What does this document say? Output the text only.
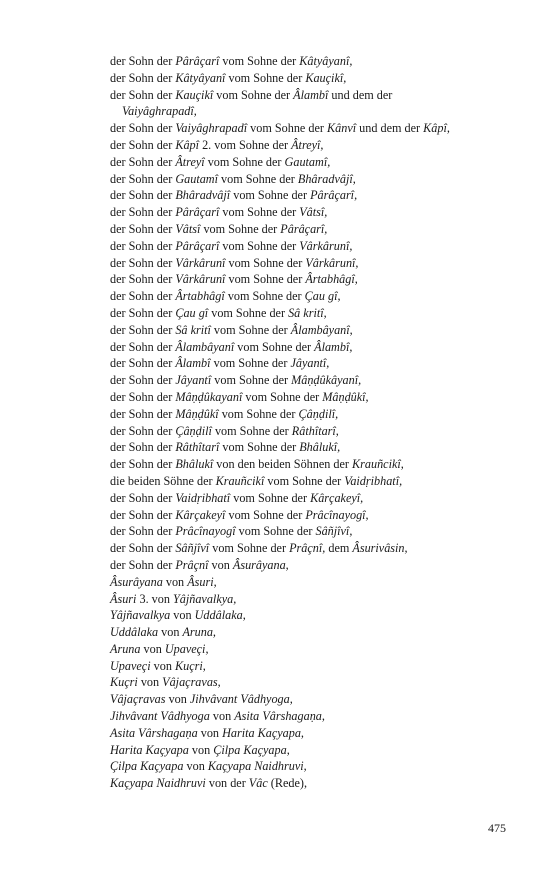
der Sohn der Pârâçarî vom Sohne der Kâtyâyanî,
der Sohn der Kâtyâyanî vom Sohne der Kauçikî,
der Sohn der Kauçikî vom Sohne der Âlambî und dem der
Vaiyâghrapadî,
der Sohn der Vaiyâghrapadî vom Sohne der Kânvî und dem der Kâpî,
der Sohn der Kâpî 2. vom Sohne der Âtreyî,
der Sohn der Âtreyî vom Sohne der Gautamî,
der Sohn der Gautamî vom Sohne der Bhâradvâjî,
der Sohn der Bhâradvâjî vom Sohne der Pârâçarî,
der Sohn der Pârâçarî vom Sohne der Vâtsî,
der Sohn der Vâtsî vom Sohne der Pârâçarî,
der Sohn der Pârâçarî vom Sohne der Vârkârunî,
der Sohn der Vârkârunî vom Sohne der Vârkârunî,
der Sohn der Vârkârunî vom Sohne der Ârtabhâgî,
der Sohn der Ârtabhâgî vom Sohne der Çau gî,
der Sohn der Çau gî vom Sohne der Sâ kritî,
der Sohn der Sâ kritî vom Sohne der Âlambâyanî,
der Sohn der Âlambâyanî vom Sohne der Âlambî,
der Sohn der Âlambî vom Sohne der Jâyantî,
der Sohn der Jâyantî vom Sohne der Mâṇḍûkâyanî,
der Sohn der Mâṇḍûkayanî vom Sohne der Mâṇḍûkî,
der Sohn der Mâṇḍûkî vom Sohne der Çâṇḍilî,
der Sohn der Çâṇḍilî vom Sohne der Râthîtarî,
der Sohn der Râthîtarî vom Sohne der Bhâlukî,
der Sohn der Bhâlukî von den beiden Söhnen der Krauñcikî,
die beiden Söhne der Krauñcikî vom Sohne der Vaidṛibhatî,
der Sohn der Vaidṛibhatî vom Sohne der Kârçakeyî,
der Sohn der Kârçakeyî vom Sohne der Prâcînayogî,
der Sohn der Prâcînayogî vom Sohne der Sâñjîvî,
der Sohn der Sâñjîvî vom Sohne der Prâçnî, dem Âsurivâsin,
der Sohn der Prâçnî von Âsurâyana,
Âsurâyana von Âsuri,
Âsuri 3. von Yâjñavalkya,
Yâjñavalkya von Uddâlaka,
Uddâlaka von Aruna,
Aruna von Upaveçi,
Upaveçi von Kuçri,
Kuçri von Vâjaçravas,
Vâjaçravas von Jihvâvant Vâdhyoga,
Jihvâvant Vâdhyoga von Asita Vârshagaṇa,
Asita Vârshagaṇa von Harita Kaçyapa,
Harita Kaçyapa von Çilpa Kaçyapa,
Çilpa Kaçyapa von Kaçyapa Naidhruvi,
Kaçyapa Naidhruvi von der Vâc (Rede),
475
